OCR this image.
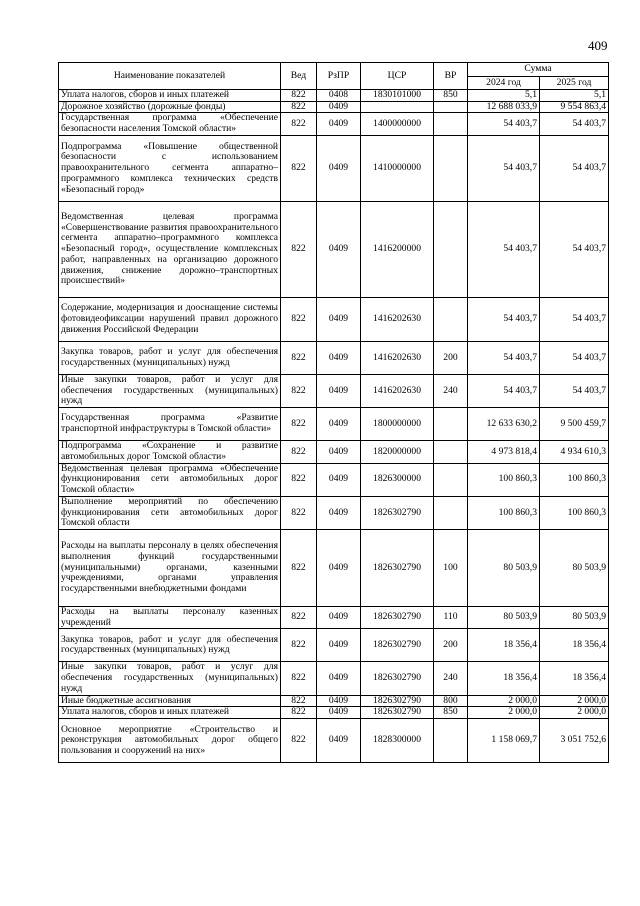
409
Наименование показателей	Вед	РзПР	ЦСР	ВР	Сумма	
					2024 год	2025 год
Уплата налогов, сборов и иных платежей	822	0408	1830101000	850	5,1	5,1
Дорожное хозяйство (дорожные фонды)	822	0409			12 688 033,9	9 554 863,4
Государственная программа «Обеспечение безопасности населения Томской области»	822	0409	1400000000		54 403,7	54 403,7
Подпрограмма «Повышение общественной безопасности с использованием правоохранительного сегмента аппаратно–программного комплекса технических средств «Безопасный город»	822	0409	1410000000		54 403,7	54 403,7
Ведомственная целевая программа «Совершенствование развития правоохранительного сегмента аппаратно–программного комплекса «Безопасный город», осуществление комплексных работ, направленных на организацию дорожного движения, снижение дорожно–транспортных происшествий»	822	0409	1416200000		54 403,7	54 403,7
Содержание, модернизация и дооснащение системы фотовидеофиксации нарушений правил дорожного движения Российской Федерации	822	0409	1416202630		54 403,7	54 403,7
Закупка товаров, работ и услуг для обеспечения государственных (муниципальных) нужд	822	0409	1416202630	200	54 403,7	54 403,7
Иные закупки товаров, работ и услуг для обеспечения государственных (муниципальных) нужд	822	0409	1416202630	240	54 403,7	54 403,7
Государственная программа «Развитие транспортной инфраструктуры в Томской области»	822	0409	1800000000		12 633 630,2	9 500 459,7
Подпрограмма «Сохранение и развитие автомобильных дорог Томской области»	822	0409	1820000000		4 973 818,4	4 934 610,3
Ведомственная целевая программа «Обеспечение функционирования сети автомобильных дорог Томской области»	822	0409	1826300000		100 860,3	100 860,3
Выполнение мероприятий по обеспечению функционирования сети автомобильных дорог Томской области	822	0409	1826302790		100 860,3	100 860,3
Расходы на выплаты персоналу в целях обеспечения выполнения функций государственными (муниципальными) органами, казенными учреждениями, органами управления государственными внебюджетными фондами	822	0409	1826302790	100	80 503,9	80 503,9
Расходы на выплаты персоналу казенных учреждений	822	0409	1826302790	110	80 503,9	80 503,9
Закупка товаров, работ и услуг для обеспечения государственных (муниципальных) нужд	822	0409	1826302790	200	18 356,4	18 356,4
Иные закупки товаров, работ и услуг для обеспечения государственных (муниципальных) нужд	822	0409	1826302790	240	18 356,4	18 356,4
Иные бюджетные ассигнования	822	0409	1826302790	800	2 000,0	2 000,0
Уплата налогов, сборов и иных платежей	822	0409	1826302790	850	2 000,0	2 000,0
Основное мероприятие «Строительство и реконструкция автомобильных дорог общего пользования и сооружений на них»	822	0409	1828300000		1 158 069,7	3 051 752,6
